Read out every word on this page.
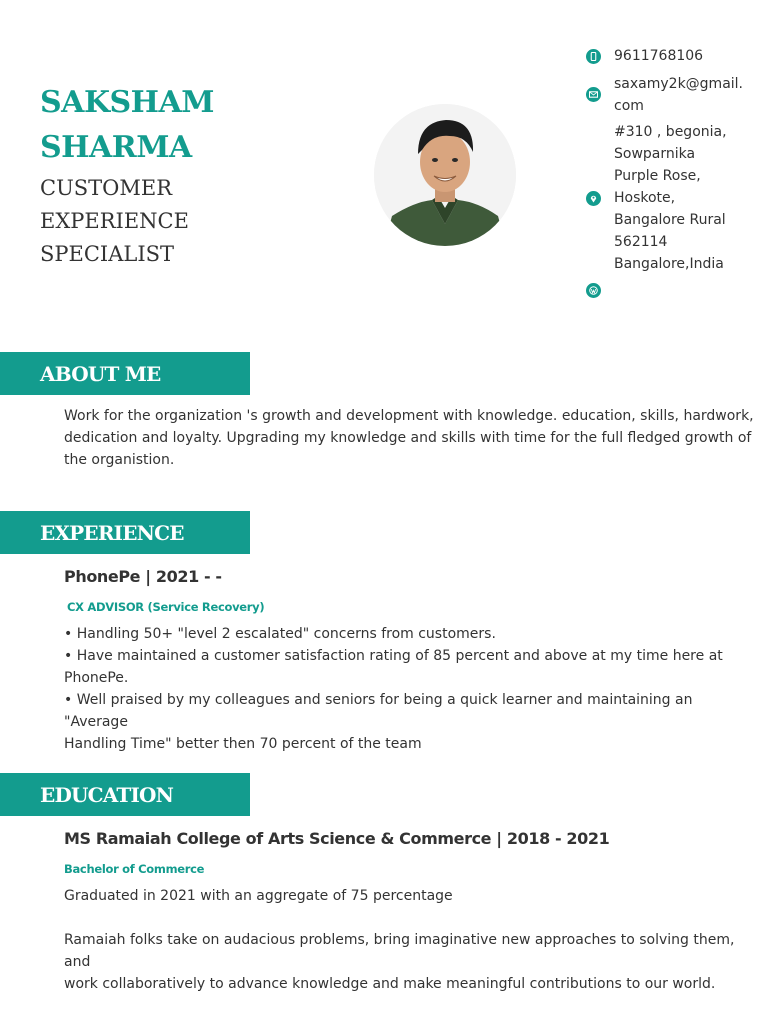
SAKSHAM
SHARMA
CUSTOMER
EXPERIENCE
SPECIALIST
9611768106
saxamy2k@gmail.
com
#310 , begonia,
Sowparnika
Purple Rose,
Hoskote,
Bangalore Rural
562114
Bangalore,India
ABOUT ME
Work for the organization 's growth and development with knowledge. education, skills, hardwork,
dedication and loyalty. Upgrading my knowledge and skills with time for the full fledged growth of
the organistion.
EXPERIENCE
PhonePe | 2021 - -
CX ADVISOR (Service Recovery)
• Handling 50+ "level 2 escalated" concerns from customers.
• Have maintained a customer satisfaction rating of 85 percent and above at my time here at
PhonePe.
• Well praised by my colleagues and seniors for being a quick learner and maintaining an "Average
Handling Time" better then 70 percent of the team
EDUCATION
MS Ramaiah College of Arts Science & Commerce | 2018 - 2021
Bachelor of Commerce
Graduated in 2021 with an aggregate of 75 percentage
Ramaiah folks take on audacious problems, bring imaginative new approaches to solving them, and
work collaboratively to advance knowledge and make meaningful contributions to our world.
